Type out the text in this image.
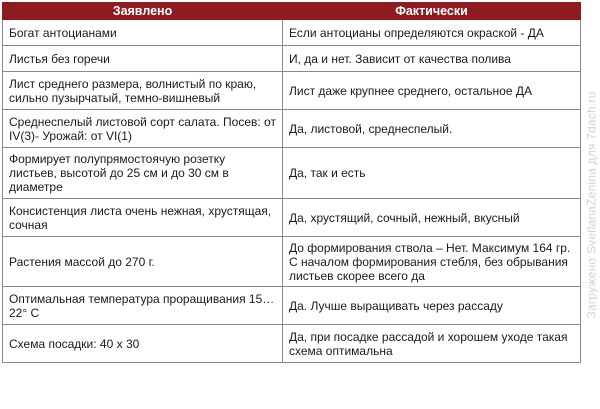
Заявлено	Фактически
Богат антоцианами	Если антоцианы определяются окраской - ДА
Листья без горечи	И, да и нет. Зависит от качества полива
Лист среднего размера, волнистый по краю, сильно пузырчатый, темно-вишневый	Лист даже крупнее среднего, остальное ДА
Среднеспелый листовой сорт салата. Посев: от IV(3)- Урожай: от VI(1)	Да, листовой, среднеспелый.
Формирует полупрямостоячую розетку листьев, высотой до 25 см и до 30 см в диаметре	Да, так и есть
Консистенция листа очень нежная, хрустящая, сочная	Да, хрустящий, сочный, нежный, вкусный
Растения массой до 270 г.	До формирования ствола – Нет. Максимум 164 гр. С началом формирования стебля, без обрывания листьев скорее всего да
Оптимальная температура проращивания 15…22° C	Да. Лучше выращивать через рассаду
Схема посадки: 40 x 30	Да, при посадке рассадой и хорошем уходе такая схема оптимальна
Загружено SvetlanaZenina для 7dach.ru
